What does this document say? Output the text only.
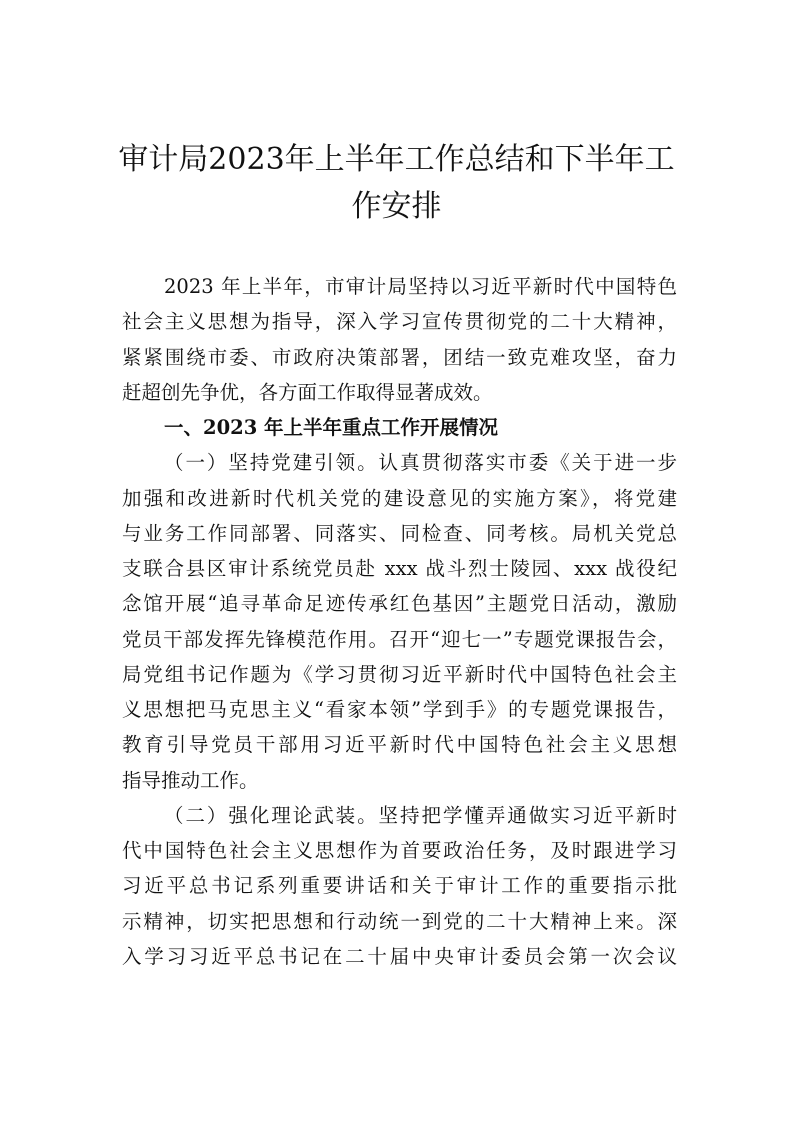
审计局2023年上半年工作总结和下半年工
作安排
2023 年上半年，市审计局坚持以习近平新时代中国特色
社会主义思想为指导，深入学习宣传贯彻党的二十大精神，
紧紧围绕市委、市政府决策部署，团结一致克难攻坚，奋力
赶超创先争优，各方面工作取得显著成效。
一、2023 年上半年重点工作开展情况
（一）坚持党建引领。认真贯彻落实市委《关于进一步
加强和改进新时代机关党的建设意见的实施方案》，将党建
与业务工作同部署、同落实、同检查、同考核。局机关党总
支联合县区审计系统党员赴 xxx 战斗烈士陵园、xxx 战役纪
念馆开展“追寻革命足迹传承红色基因”主题党日活动，激励
党员干部发挥先锋模范作用。召开“迎七一”专题党课报告会，
局党组书记作题为《学习贯彻习近平新时代中国特色社会主
义思想把马克思主义“看家本领”学到手》的专题党课报告，
教育引导党员干部用习近平新时代中国特色社会主义思想
指导推动工作。
（二）强化理论武装。坚持把学懂弄通做实习近平新时
代中国特色社会主义思想作为首要政治任务，及时跟进学习
习近平总书记系列重要讲话和关于审计工作的重要指示批
示精神，切实把思想和行动统一到党的二十大精神上来。深
入学习习近平总书记在二十届中央审计委员会第一次会议
